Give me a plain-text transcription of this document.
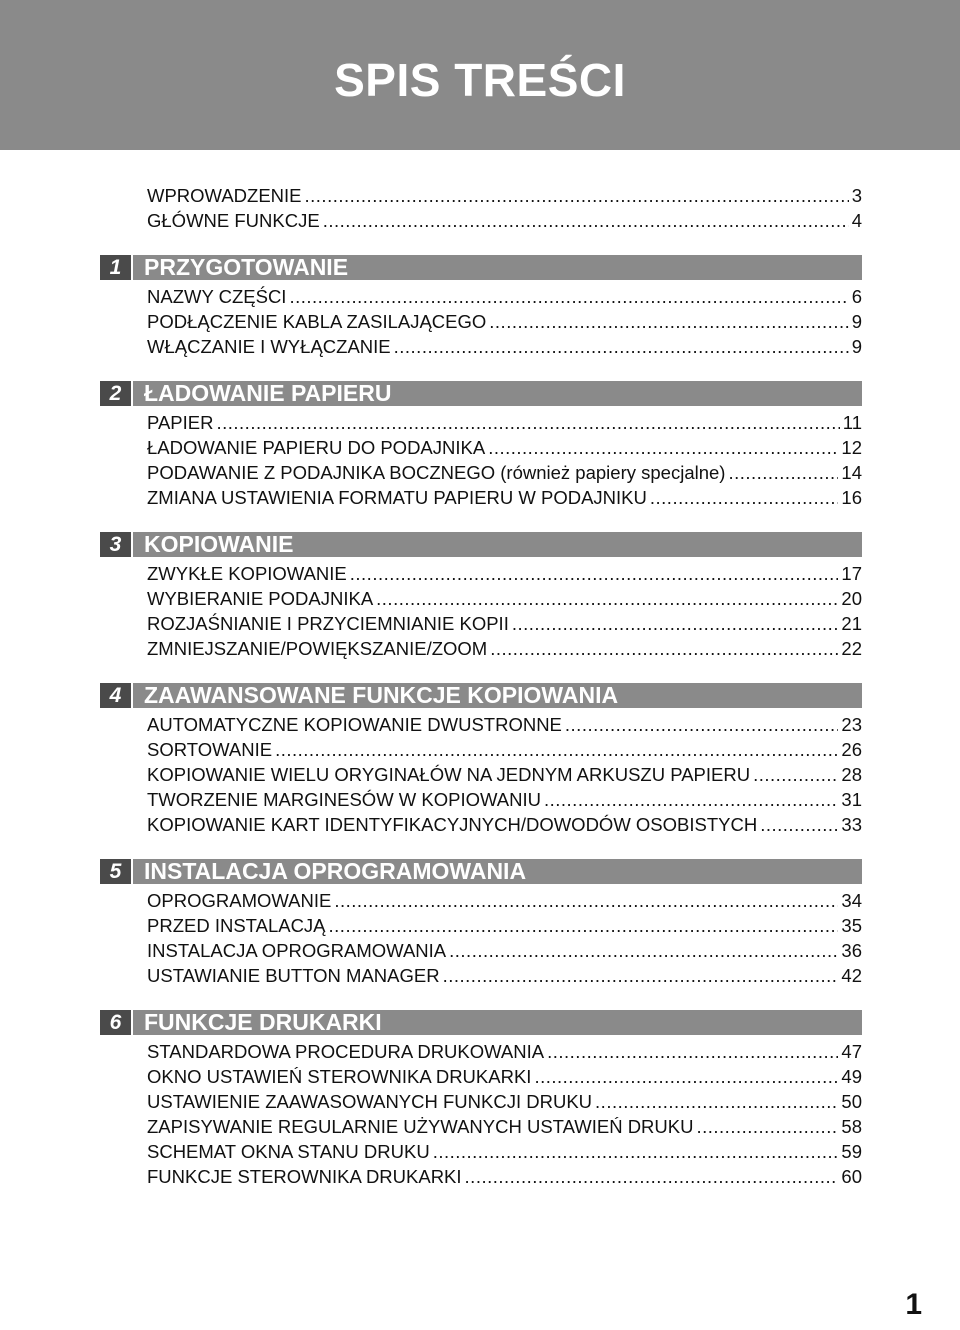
SPIS TREŚCI
WPROWADZENIE .....	3
GŁÓWNE FUNKCJE .....	4
1 PRZYGOTOWANIE
NAZWY CZĘŚCI .....	6
PODŁĄCZENIE KABLA ZASILAJĄCEGO .....	9
WŁĄCZANIE I WYŁĄCZANIE .....	9
2 ŁADOWANIE PAPIERU
PAPIER .....	11
ŁADOWANIE PAPIERU DO PODAJNIKA .....	12
PODAWANIE Z PODAJNIKA BOCZNEGO (również papiery specjalne) .....	14
ZMIANA USTAWIENIA FORMATU PAPIERU W PODAJNIKU .....	16
3 KOPIOWANIE
ZWYKŁE KOPIOWANIE .....	17
WYBIERANIE PODAJNIKA .....	20
ROZJAŚNIANIE I PRZYCIEMNIANIE KOPII .....	21
ZMNIEJSZANIE/POWIĘKSZANIE/ZOOM .....	22
4 ZAAWANSOWANE FUNKCJE KOPIOWANIA
AUTOMATYCZNE KOPIOWANIE DWUSTRONNE .....	23
SORTOWANIE .....	26
KOPIOWANIE WIELU ORYGINAŁÓW NA JEDNYM ARKUSZU PAPIERU .....	28
TWORZENIE MARGINESÓW W KOPIOWANIU .....	31
KOPIOWANIE KART IDENTYFIKACYJNYCH/DOWODÓW OSOBISTYCH .....	33
5 INSTALACJA OPROGRAMOWANIA
OPROGRAMOWANIE .....	34
PRZED INSTALACJĄ .....	35
INSTALACJA OPROGRAMOWANIA .....	36
USTAWIANIE BUTTON MANAGER .....	42
6 FUNKCJE DRUKARKI
STANDARDOWA PROCEDURA DRUKOWANIA .....	47
OKNO USTAWIEŃ STEROWNIKA DRUKARKI .....	49
USTAWIENIE ZAAWASOWANYCH FUNKCJI DRUKU .....	50
ZAPISYWANIE REGULARNIE UŻYWANYCH USTAWIEŃ DRUKU .....	58
SCHEMAT OKNA STANU DRUKU .....	59
FUNKCJE STEROWNIKA DRUKARKI .....	60
1
